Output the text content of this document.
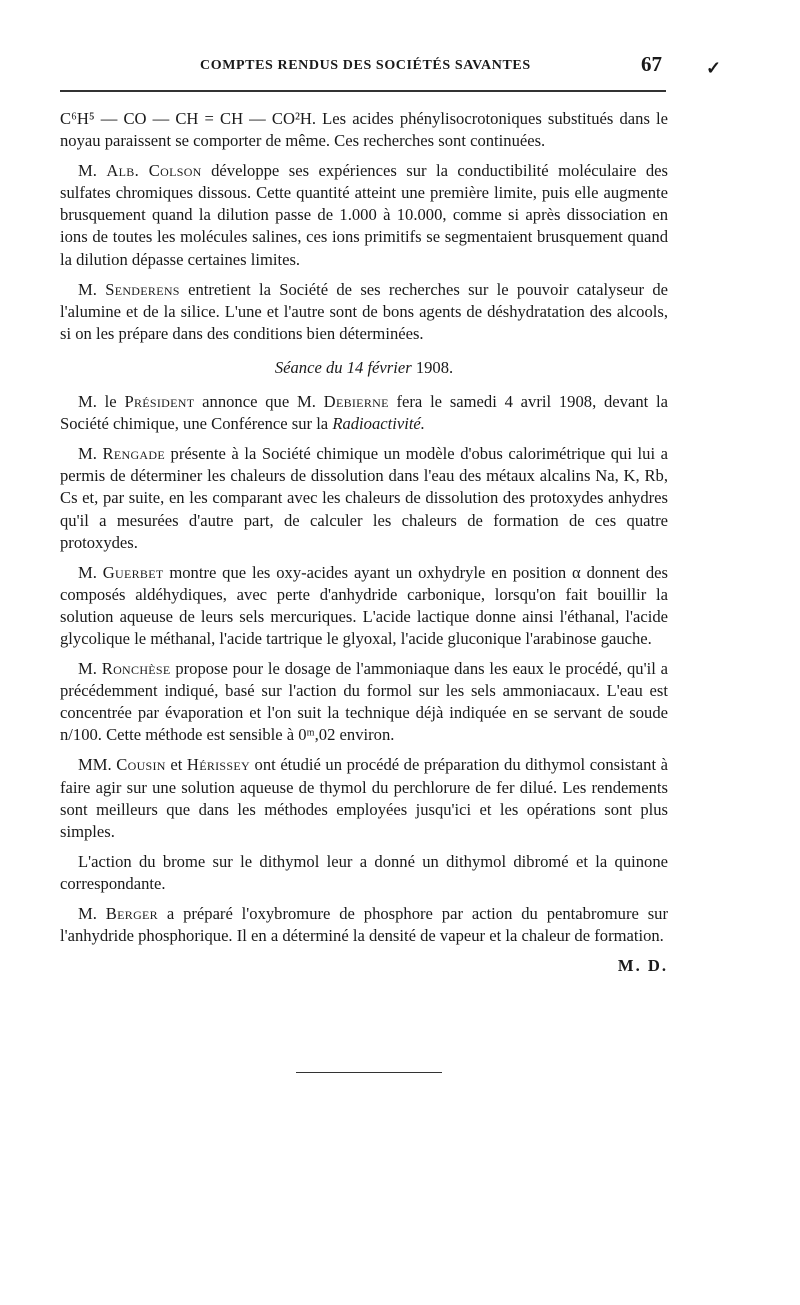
COMPTES RENDUS DES SOCIÉTÉS SAVANTES	67 ✓

C⁶H⁵ — CO — CH = CH — CO²H. Les acides phénylisocrotoniques substitués dans le noyau paraissent se comporter de même. Ces recherches sont continuées.

M. Alb. Colson développe ses expériences sur la conductibilité moléculaire des sulfates chromiques dissous. Cette quantité atteint une première limite, puis elle augmente brusquement quand la dilution passe de 1.000 à 10.000, comme si après dissociation en ions de toutes les molécules salines, ces ions primitifs se segmentaient brusquement quand la dilution dépasse certaines limites.

M. Senderens entretient la Société de ses recherches sur le pouvoir catalyseur de l'alumine et de la silice. L'une et l'autre sont de bons agents de déshydratation des alcools, si on les prépare dans des conditions bien déterminées.

Séance du 14 février 1908.

M. le Président annonce que M. Debierne fera le samedi 4 avril 1908, devant la Société chimique, une Conférence sur la Radioactivité.

M. Rengade présente à la Société chimique un modèle d'obus calorimétrique qui lui a permis de déterminer les chaleurs de dissolution dans l'eau des métaux alcalins Na, K, Rb, Cs et, par suite, en les comparant avec les chaleurs de dissolution des protoxydes anhydres qu'il a mesurées d'autre part, de calculer les chaleurs de formation de ces quatre protoxydes.

M. Guerbet montre que les oxy-acides ayant un oxhydryle en position α donnent des composés aldéhydiques, avec perte d'anhydride carbonique, lorsqu'on fait bouillir la solution aqueuse de leurs sels mercuriques. L'acide lactique donne ainsi l'éthanal, l'acide glycolique le méthanal, l'acide tartrique le glyoxal, l'acide gluconique l'arabinose gauche.

M. Ronchèse propose pour le dosage de l'ammoniaque dans les eaux le procédé, qu'il a précédemment indiqué, basé sur l'action du formol sur les sels ammoniacaux. L'eau est concentrée par évaporation et l'on suit la technique déjà indiquée en se servant de soude n/100. Cette méthode est sensible à 0ᵐ,02 environ.

MM. Cousin et Hérissey ont étudié un procédé de préparation du dithymol consistant à faire agir sur une solution aqueuse de thymol du perchlorure de fer dilué. Les rendements sont meilleurs que dans les méthodes employées jusqu'ici et les opérations sont plus simples.

L'action du brome sur le dithymol leur a donné un dithymol dibromé et la quinone correspondante.

M. Berger a préparé l'oxybromure de phosphore par action du pentabromure sur l'anhydride phosphorique. Il en a déterminé la densité de vapeur et la chaleur de formation.

M. D.
